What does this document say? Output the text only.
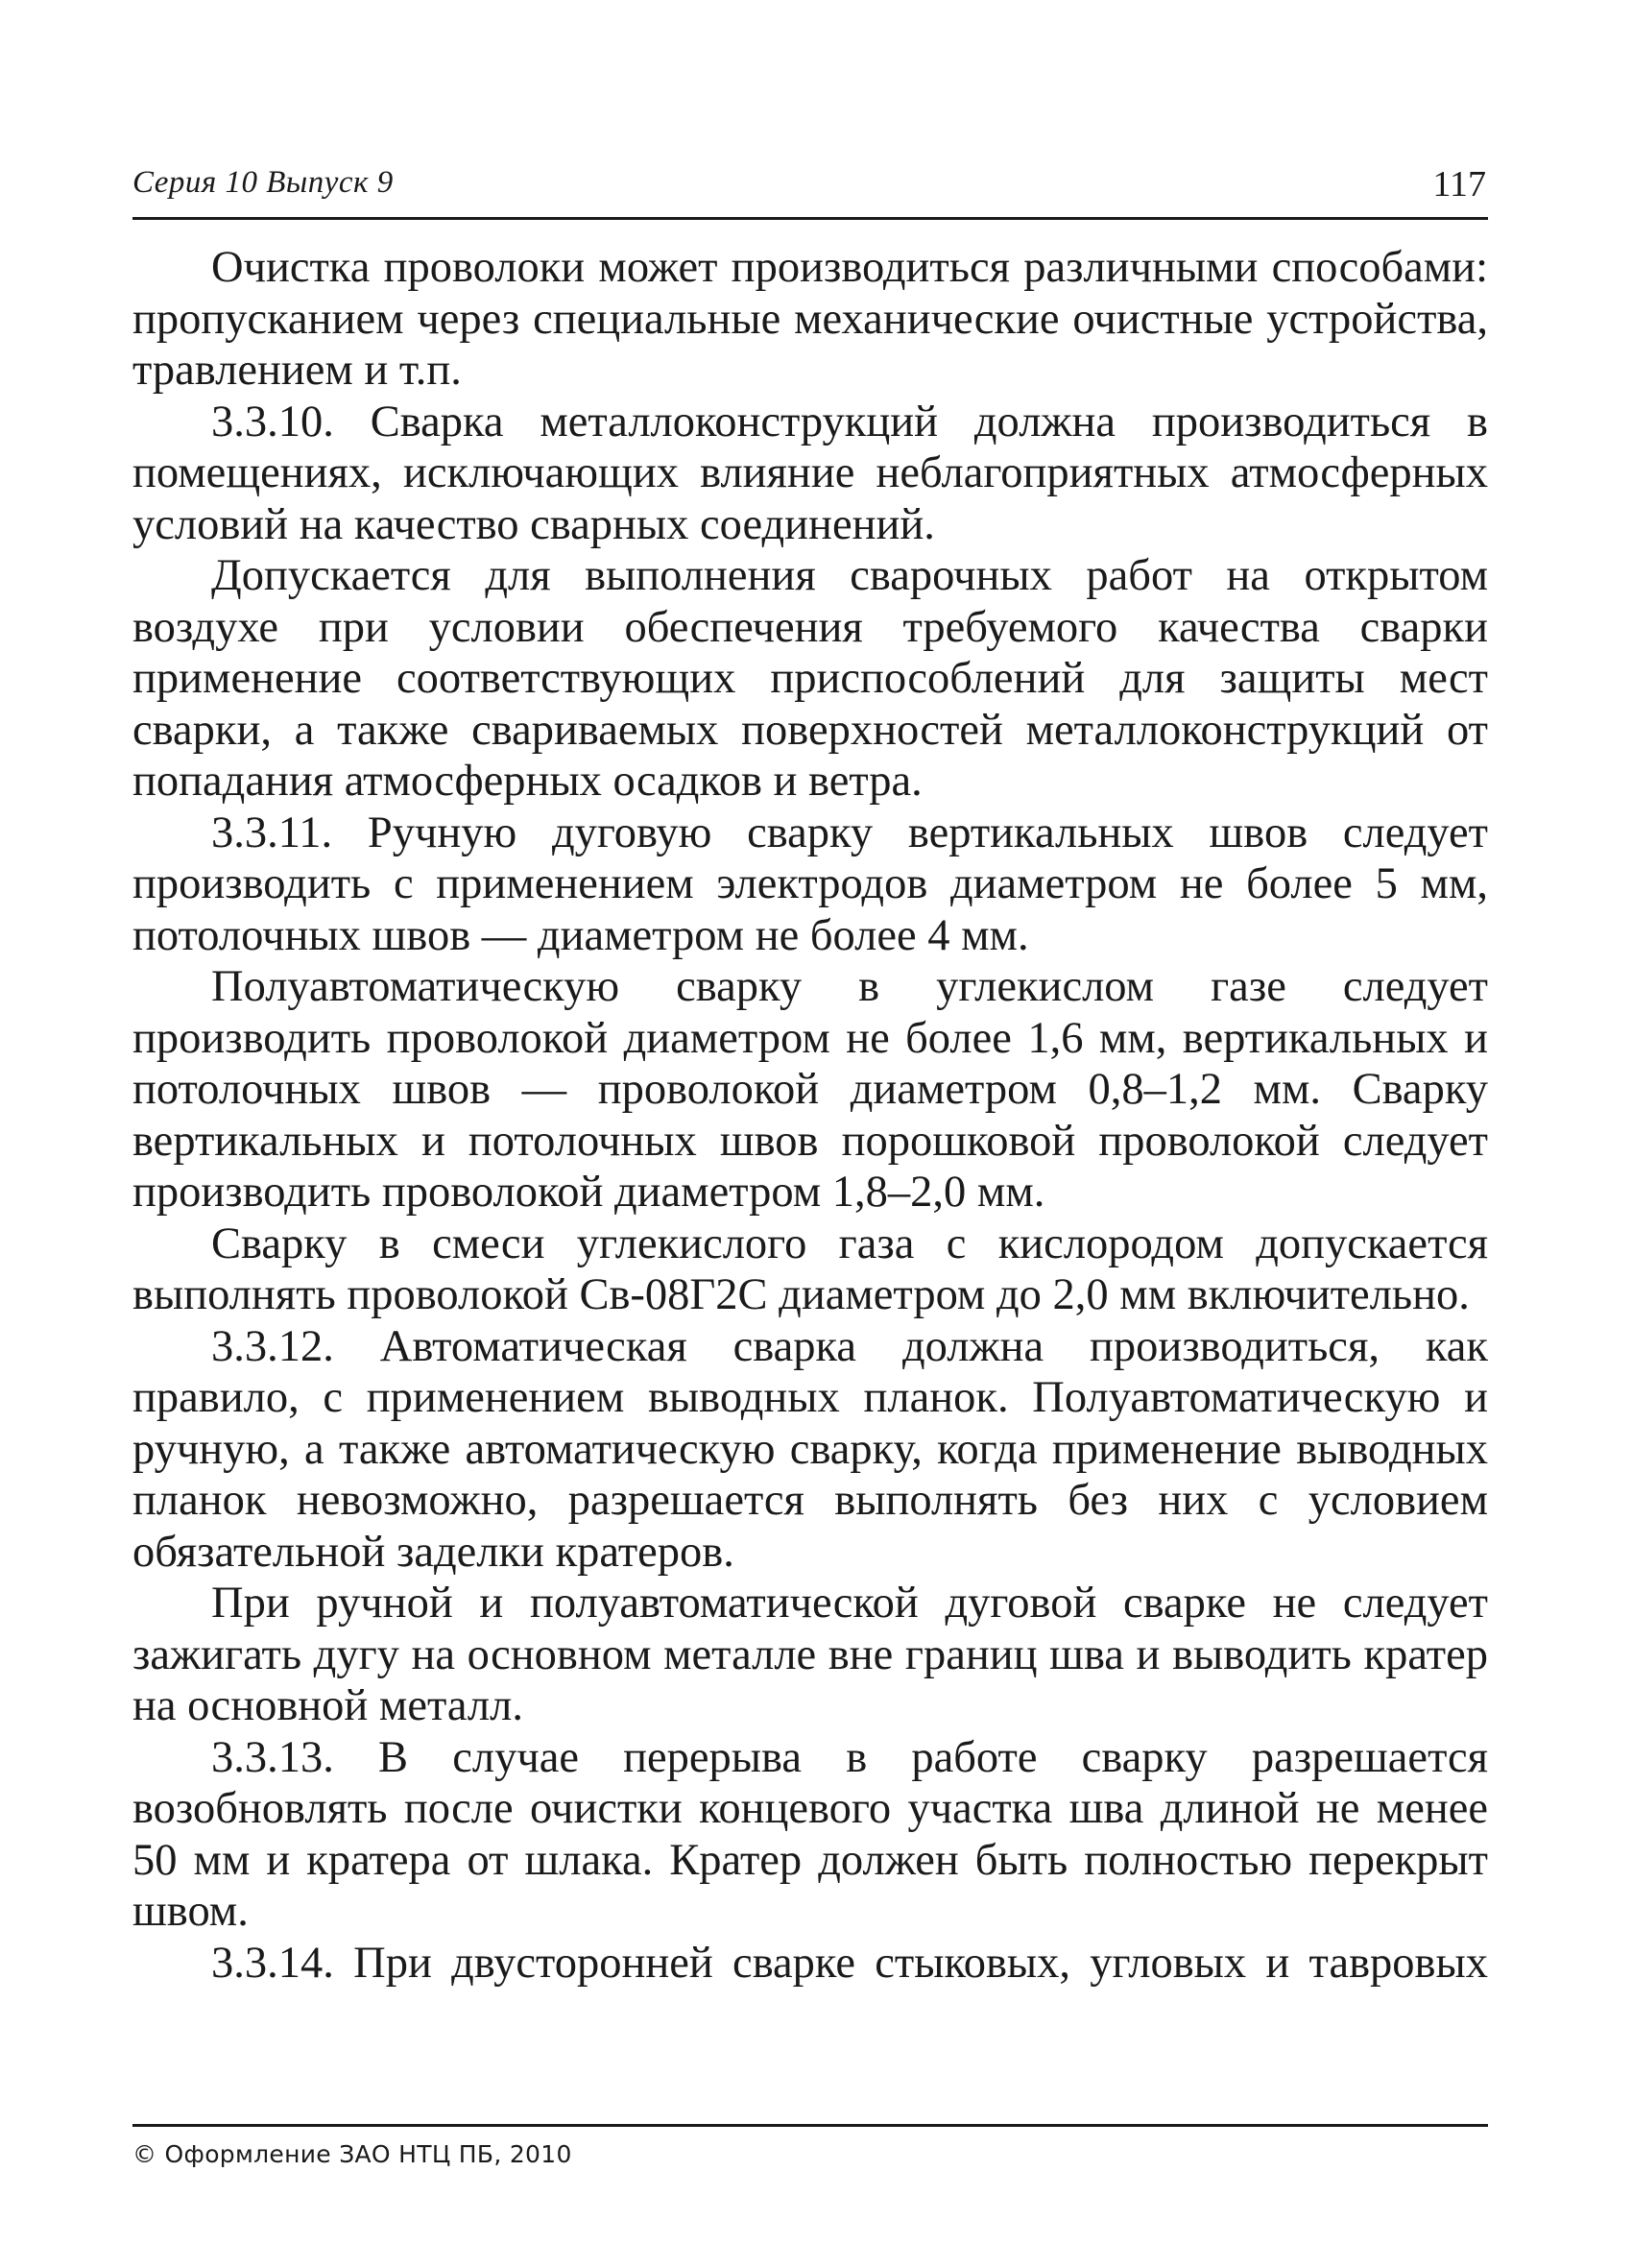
Серия 10 Выпуск 9	117

Очистка проволоки может производиться различными способами: пропусканием через специальные механические очистные устройства, травлением и т.п.

3.3.10. Сварка металлоконструкций должна производиться в помещениях, исключающих влияние неблагоприятных атмосферных условий на качество сварных соединений.

Допускается для выполнения сварочных работ на открытом воздухе при условии обеспечения требуемого качества сварки применение соответствующих приспособлений для защиты мест сварки, а также свариваемых поверхностей металлоконструкций от попадания атмосферных осадков и ветра.

3.3.11. Ручную дуговую сварку вертикальных швов следует производить с применением электродов диаметром не более 5 мм, потолочных швов — диаметром не более 4 мм.

Полуавтоматическую сварку в углекислом газе следует производить проволокой диаметром не более 1,6 мм, вертикальных и потолочных швов — проволокой диаметром 0,8–1,2 мм. Сварку вертикальных и потолочных швов порошковой проволокой следует производить проволокой диаметром 1,8–2,0 мм.

Сварку в смеси углекислого газа с кислородом допускается выполнять проволокой Св-08Г2С диаметром до 2,0 мм включительно.

3.3.12. Автоматическая сварка должна производиться, как правило, с применением выводных планок. Полуавтоматическую и ручную, а также автоматическую сварку, когда применение выводных планок невозможно, разрешается выполнять без них с условием обязательной заделки кратеров.

При ручной и полуавтоматической дуговой сварке не следует зажигать дугу на основном металле вне границ шва и выводить кратер на основной металл.

3.3.13. В случае перерыва в работе сварку разрешается возобновлять после очистки концевого участка шва длиной не менее 50 мм и кратера от шлака. Кратер должен быть полностью перекрыт швом.

3.3.14. При двусторонней сварке стыковых, угловых и тавровых

© Оформление ЗАО НТЦ ПБ, 2010
